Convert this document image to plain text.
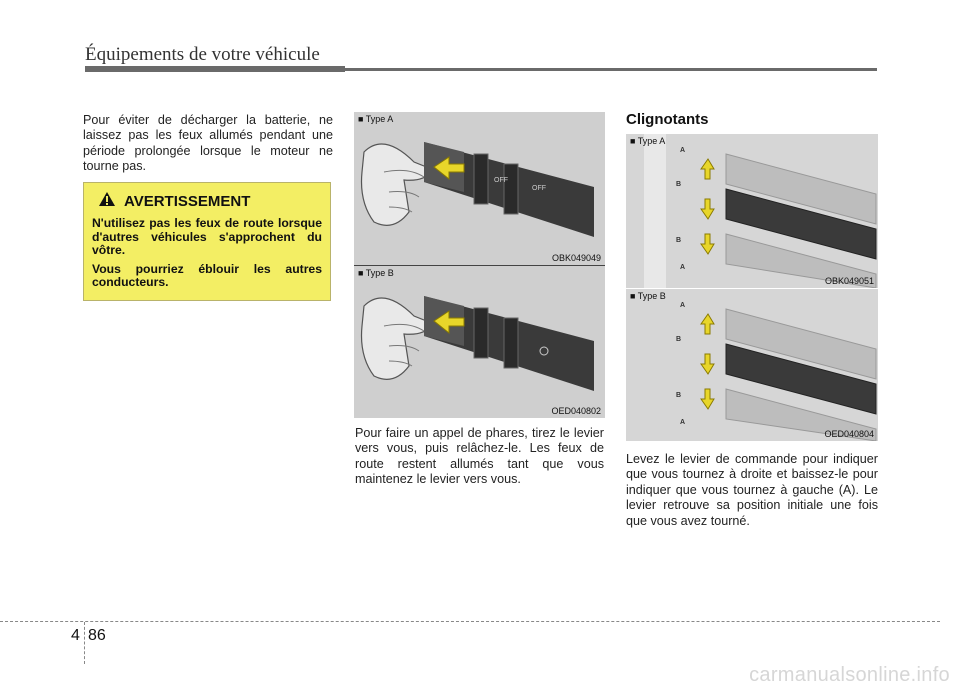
Équipements de votre véhicule
Pour éviter de décharger la batterie, ne laissez pas les feux allumés pendant une période prolongée lorsque le moteur ne tourne pas.
AVERTISSEMENT

N'utilisez pas les feux de route lorsque d'autres véhicules s'approchent du vôtre.

Vous pourriez éblouir les autres conducteurs.

■ Type A
OFF
OFF
OBK049049
■ Type B
OED040802
Pour faire un appel de phares, tirez le levier vers vous, puis relâchez-le. Les feux de route restent allumés tant que vous maintenez le levier vers vous.
Clignotants
■ Type A
A
B
B
A
OBK049051
■ Type B
A
B
B
A
OED040804
Levez le levier de commande pour indiquer que vous tournez à droite et baissez-le pour indiquer que vous tournez à gauche (A). Le levier retrouve sa position initiale une fois que vous avez tourné.
4 86
carmanualsonline.info
